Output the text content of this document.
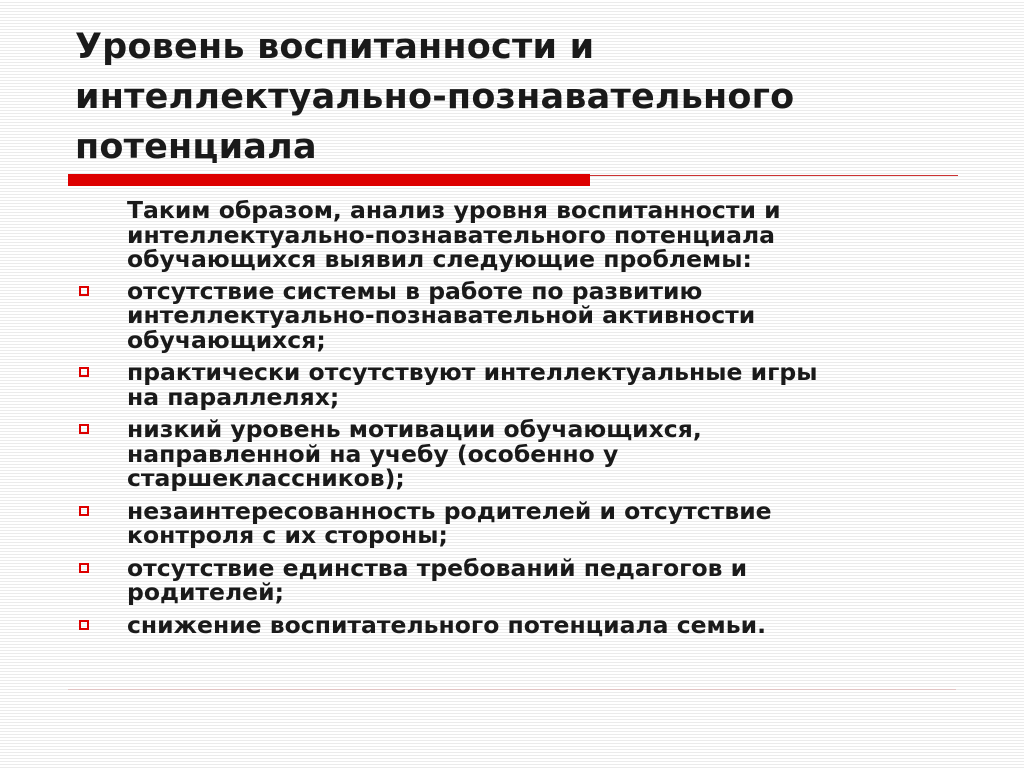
Уровень воспитанности и
интеллектуально-познавательного
потенциала

Таким образом, анализ уровня воспитанности и
интеллектуально-познавательного потенциала
обучающихся выявил следующие проблемы:

отсутствие системы в работе по развитию
интеллектуально-познавательной активности
обучающихся;
практически отсутствуют интеллектуальные игры
на параллелях;
низкий уровень мотивации обучающихся,
направленной на учебу (особенно у
старшеклассников);
незаинтересованность родителей и отсутствие
контроля с их стороны;
отсутствие единства требований педагогов и
родителей;
снижение воспитательного потенциала семьи.
